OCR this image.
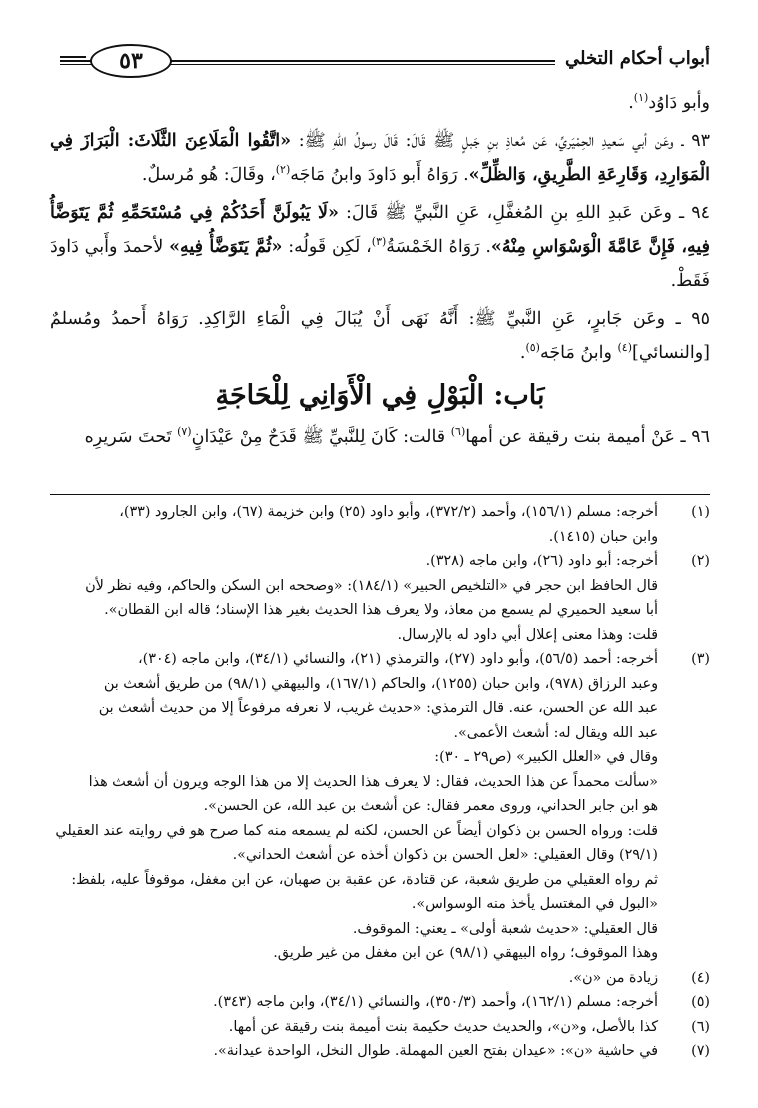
أبواب أحكام التخلي
٥٣

وأبو دَاوُد$^{(١)}$.

٩٣ ـ وعَن أبي سَعيدِ الحِمْيَريِّ، عَن مُعاذِ بنِ جَبلٍ ﷺ قَالَ: قَالَ رسولُ اللهِ ﷺ: «اتَّقُوا الْمَلَاعِنَ الثَّلَاثَ: الْبَرَازَ فِي الْمَوَارِدِ، وَقَارِعَةِ الطَّرِيقِ، وَالظِّلِّ». رَوَاهُ أَبو دَاودَ وابنُ مَاجَه$^{(٢)}$، وقَالَ: هُو مُرسلٌ.

٩٤ ـ وعَن عَبدِ اللهِ بنِ المُغفَّلِ، عَنِ النَّبيِّ ﷺ قَالَ: «لَا يَبُولَنَّ أَحَدُكُمْ فِي مُسْتَحَمِّهِ ثُمَّ يَتَوَضَّأُ فِيهِ، فَإِنَّ عَامَّةَ الْوَسْوَاسِ مِنْهُ». رَوَاهُ الخَمْسَةُ$^{(٣)}$، لَكِن قَولُه: «ثُمَّ يَتَوَضَّأُ فِيهِ» لأحمدَ وأَبي دَاودَ فَقَطْ.

٩٥ ـ وعَن جَابرٍ، عَنِ النَّبيِّ ﷺ: أَنَّهُ نَهَى أَنْ يُبَالَ فِي الْمَاءِ الرَّاكِدِ. رَوَاهُ أَحمدُ ومُسلمٌ [والنسائي]$^{(٤)}$ وابنُ مَاجَه$^{(٥)}$.

بَاب: الْبَوْلِ فِي الْأَوَانِي لِلْحَاجَةِ

٩٦ ـ عَنْ أميمة بنت رقيقة عن أمها$^{(٦)}$ قالت: كَانَ لِلنَّبيِّ ﷺ قَدَحٌ مِنْ عَيْدَانٍ$^{(٧)}$ تَحتَ سَريرِه

(١)
أخرجه: مسلم (١٥٦/١)، وأحمد (٣٧٢/٢)، وأبو داود (٢٥) وابن خزيمة (٦٧)، وابن الجارود (٣٣)،
وابن حبان (١٤١٥).
(٢)
أخرجه: أبو داود (٢٦)، وابن ماجه (٣٢٨).
قال الحافظ ابن حجر في «التلخيص الحبير» (١٨٤/١): «وصححه ابن السكن والحاكم، وفيه نظر لأن
أبا سعيد الحميري لم يسمع من معاذ، ولا يعرف هذا الحديث بغير هذا الإسناد؛ قاله ابن القطان».
قلت: وهذا معنى إعلال أبي داود له بالإرسال.
(٣)
أخرجه: أحمد (٥٦/٥)، وأبو داود (٢٧)، والترمذي (٢١)، والنسائي (٣٤/١)، وابن ماجه (٣٠٤)،
وعبد الرزاق (٩٧٨)، وابن حبان (١٢٥٥)، والحاكم (١٦٧/١)، والبيهقي (٩٨/١) من طريق أشعث بن
عبد الله عن الحسن، عنه. قال الترمذي: «حديث غريب، لا نعرفه مرفوعاً إلا من حديث أشعث بن
عبد الله ويقال له: أشعث الأعمى».
وقال في «العلل الكبير» (ص٢٩ ـ ٣٠):
«سألت محمداً عن هذا الحديث، فقال: لا يعرف هذا الحديث إلا من هذا الوجه ويرون أن أشعث هذا
هو ابن جابر الحداني، وروى معمر فقال: عن أشعث بن عبد الله، عن الحسن».
قلت: ورواه الحسن بن ذكوان أيضاً عن الحسن، لكنه لم يسمعه منه كما صرح هو في روايته عند العقيلي
(٢٩/١) وقال العقيلي: «لعل الحسن بن ذكوان أخذه عن أشعث الحداني».
ثم رواه العقيلي من طريق شعبة، عن قتادة، عن عقبة بن صهبان، عن ابن مغفل، موقوفاً عليه، بلفظ:
«البول في المغتسل يأخذ منه الوسواس».
قال العقيلي: «حديث شعبة أولى» ـ يعني: الموقوف.
وهذا الموقوف؛ رواه البيهقي (٩٨/١) عن ابن مغفل من غير طريق.
(٤)
زيادة من «ن».
(٥)
أخرجه: مسلم (١٦٢/١)، وأحمد (٣٥٠/٣)، والنسائي (٣٤/١)، وابن ماجه (٣٤٣).
(٦)
كذا بالأصل، و«ن»، والحديث حديث حكيمة بنت أميمة بنت رقيقة عن أمها.
(٧)
في حاشية «ن»: «عيدان بفتح العين المهملة. طوال النخل، الواحدة عيدانة».
